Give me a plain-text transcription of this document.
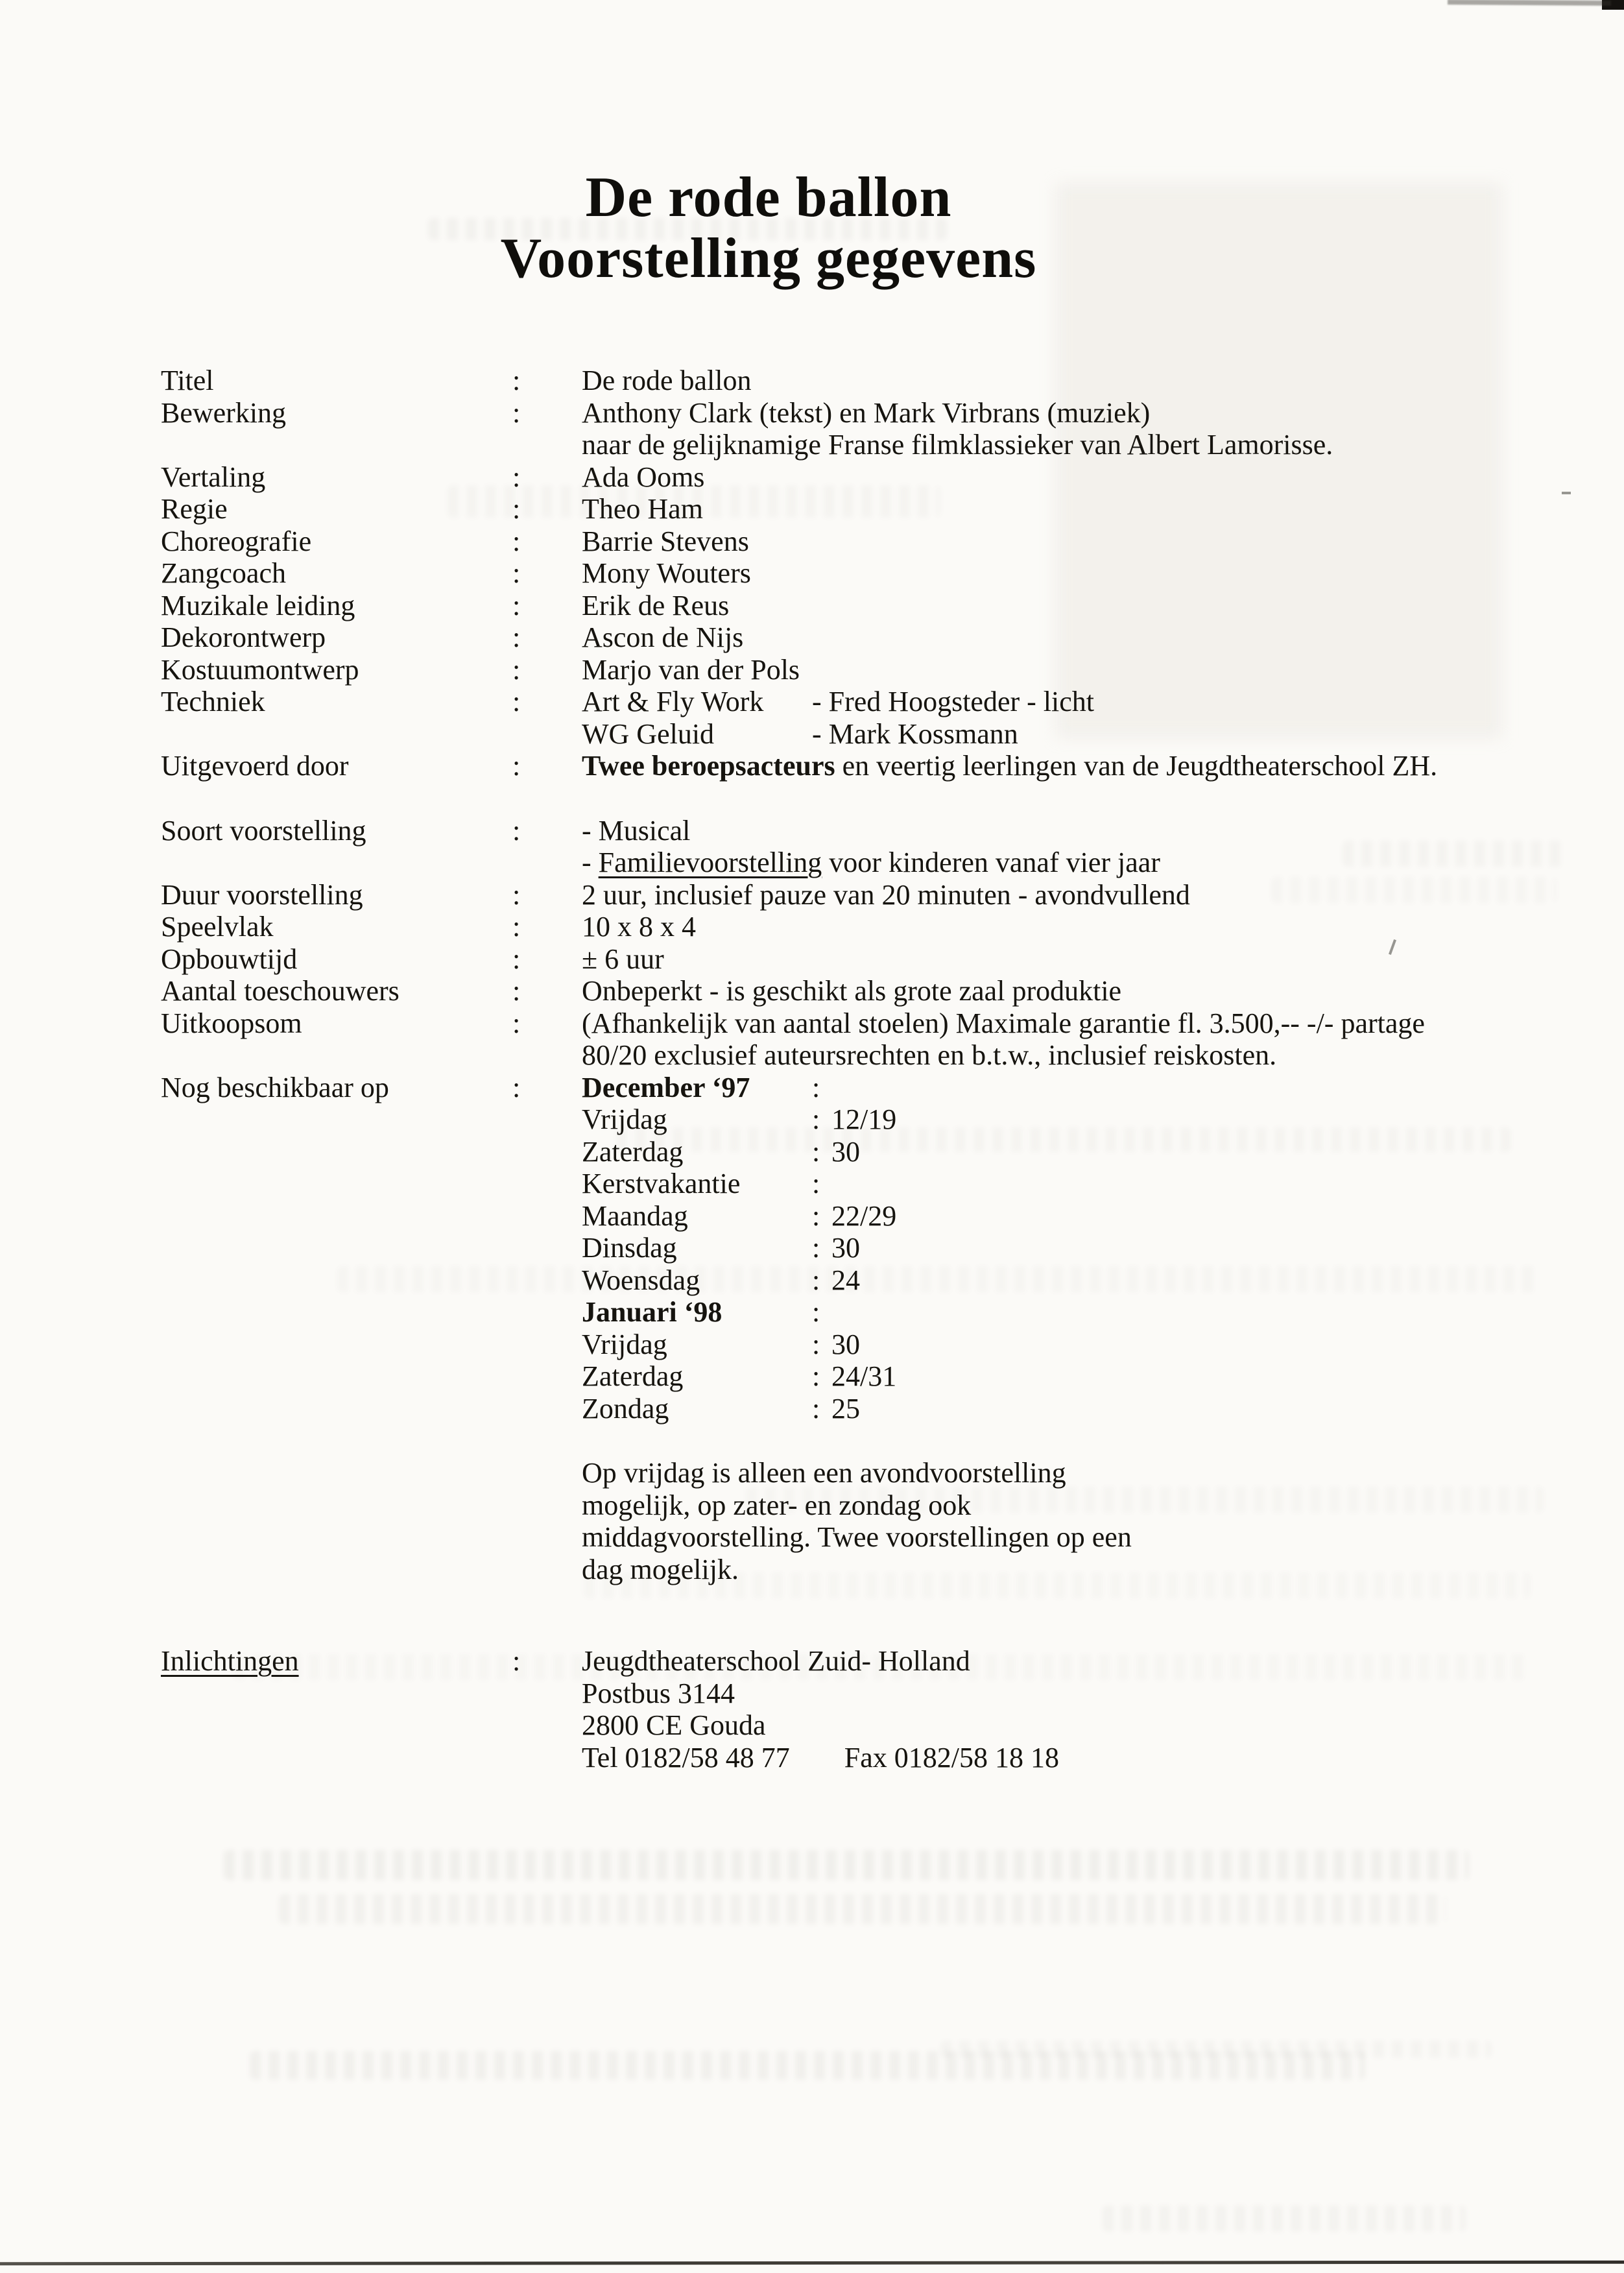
De rode ballon
Voorstelling gegevens
Titel	:	De rode ballon
Bewerking	:	Anthony Clark (tekst) en Mark Virbrans (muziek)
naar de gelijknamige Franse filmklassieker van Albert Lamorisse.
Vertaling	:	Ada Ooms
Regie	:	Theo Ham
Choreografie	:	Barrie Stevens
Zangcoach	:	Mony Wouters
Muzikale leiding	:	Erik de Reus
Dekorontwerp	:	Ascon de Nijs
Kostuumontwerp	:	Marjo van der Pols
Techniek	:	Art & Fly Work - Fred Hoogsteder - licht
WG Geluid	- Mark Kossmann
Uitgevoerd door	:	Twee beroepsacteurs en veertig leerlingen van de Jeugdtheaterschool ZH.
Soort voorstelling	:	- Musical
- Familievoorstelling voor kinderen vanaf vier jaar
Duur voorstelling	:	2 uur, inclusief pauze van 20 minuten - avondvullend
Speelvlak	:	10 x 8 x 4
Opbouwtijd	:	± 6 uur
Aantal toeschouwers	:	Onbeperkt - is geschikt als grote zaal produktie
Uitkoopsom	:	(Afhankelijk van aantal stoelen) Maximale garantie fl. 3.500,-- -/- partage
80/20 exclusief auteursrechten en b.t.w., inclusief reiskosten.
Nog beschikbaar op	:	December ‘97 :
Vrijdag	: 12/19
Zaterdag	: 30
Kerstvakantie	:
Maandag	: 22/29
Dinsdag	: 30
Woensdag	: 24
Januari ‘98	:
Vrijdag	: 30
Zaterdag	: 24/31
Zondag	: 25
Op vrijdag is alleen een avondvoorstelling
mogelijk, op zater- en zondag ook
middagvoorstelling. Twee voorstellingen op een
dag mogelijk.
Inlichtingen	:	Jeugdtheaterschool Zuid- Holland
Postbus 3144
2800 CE Gouda
Tel 0182/58 48 77 Fax 0182/58 18 18
